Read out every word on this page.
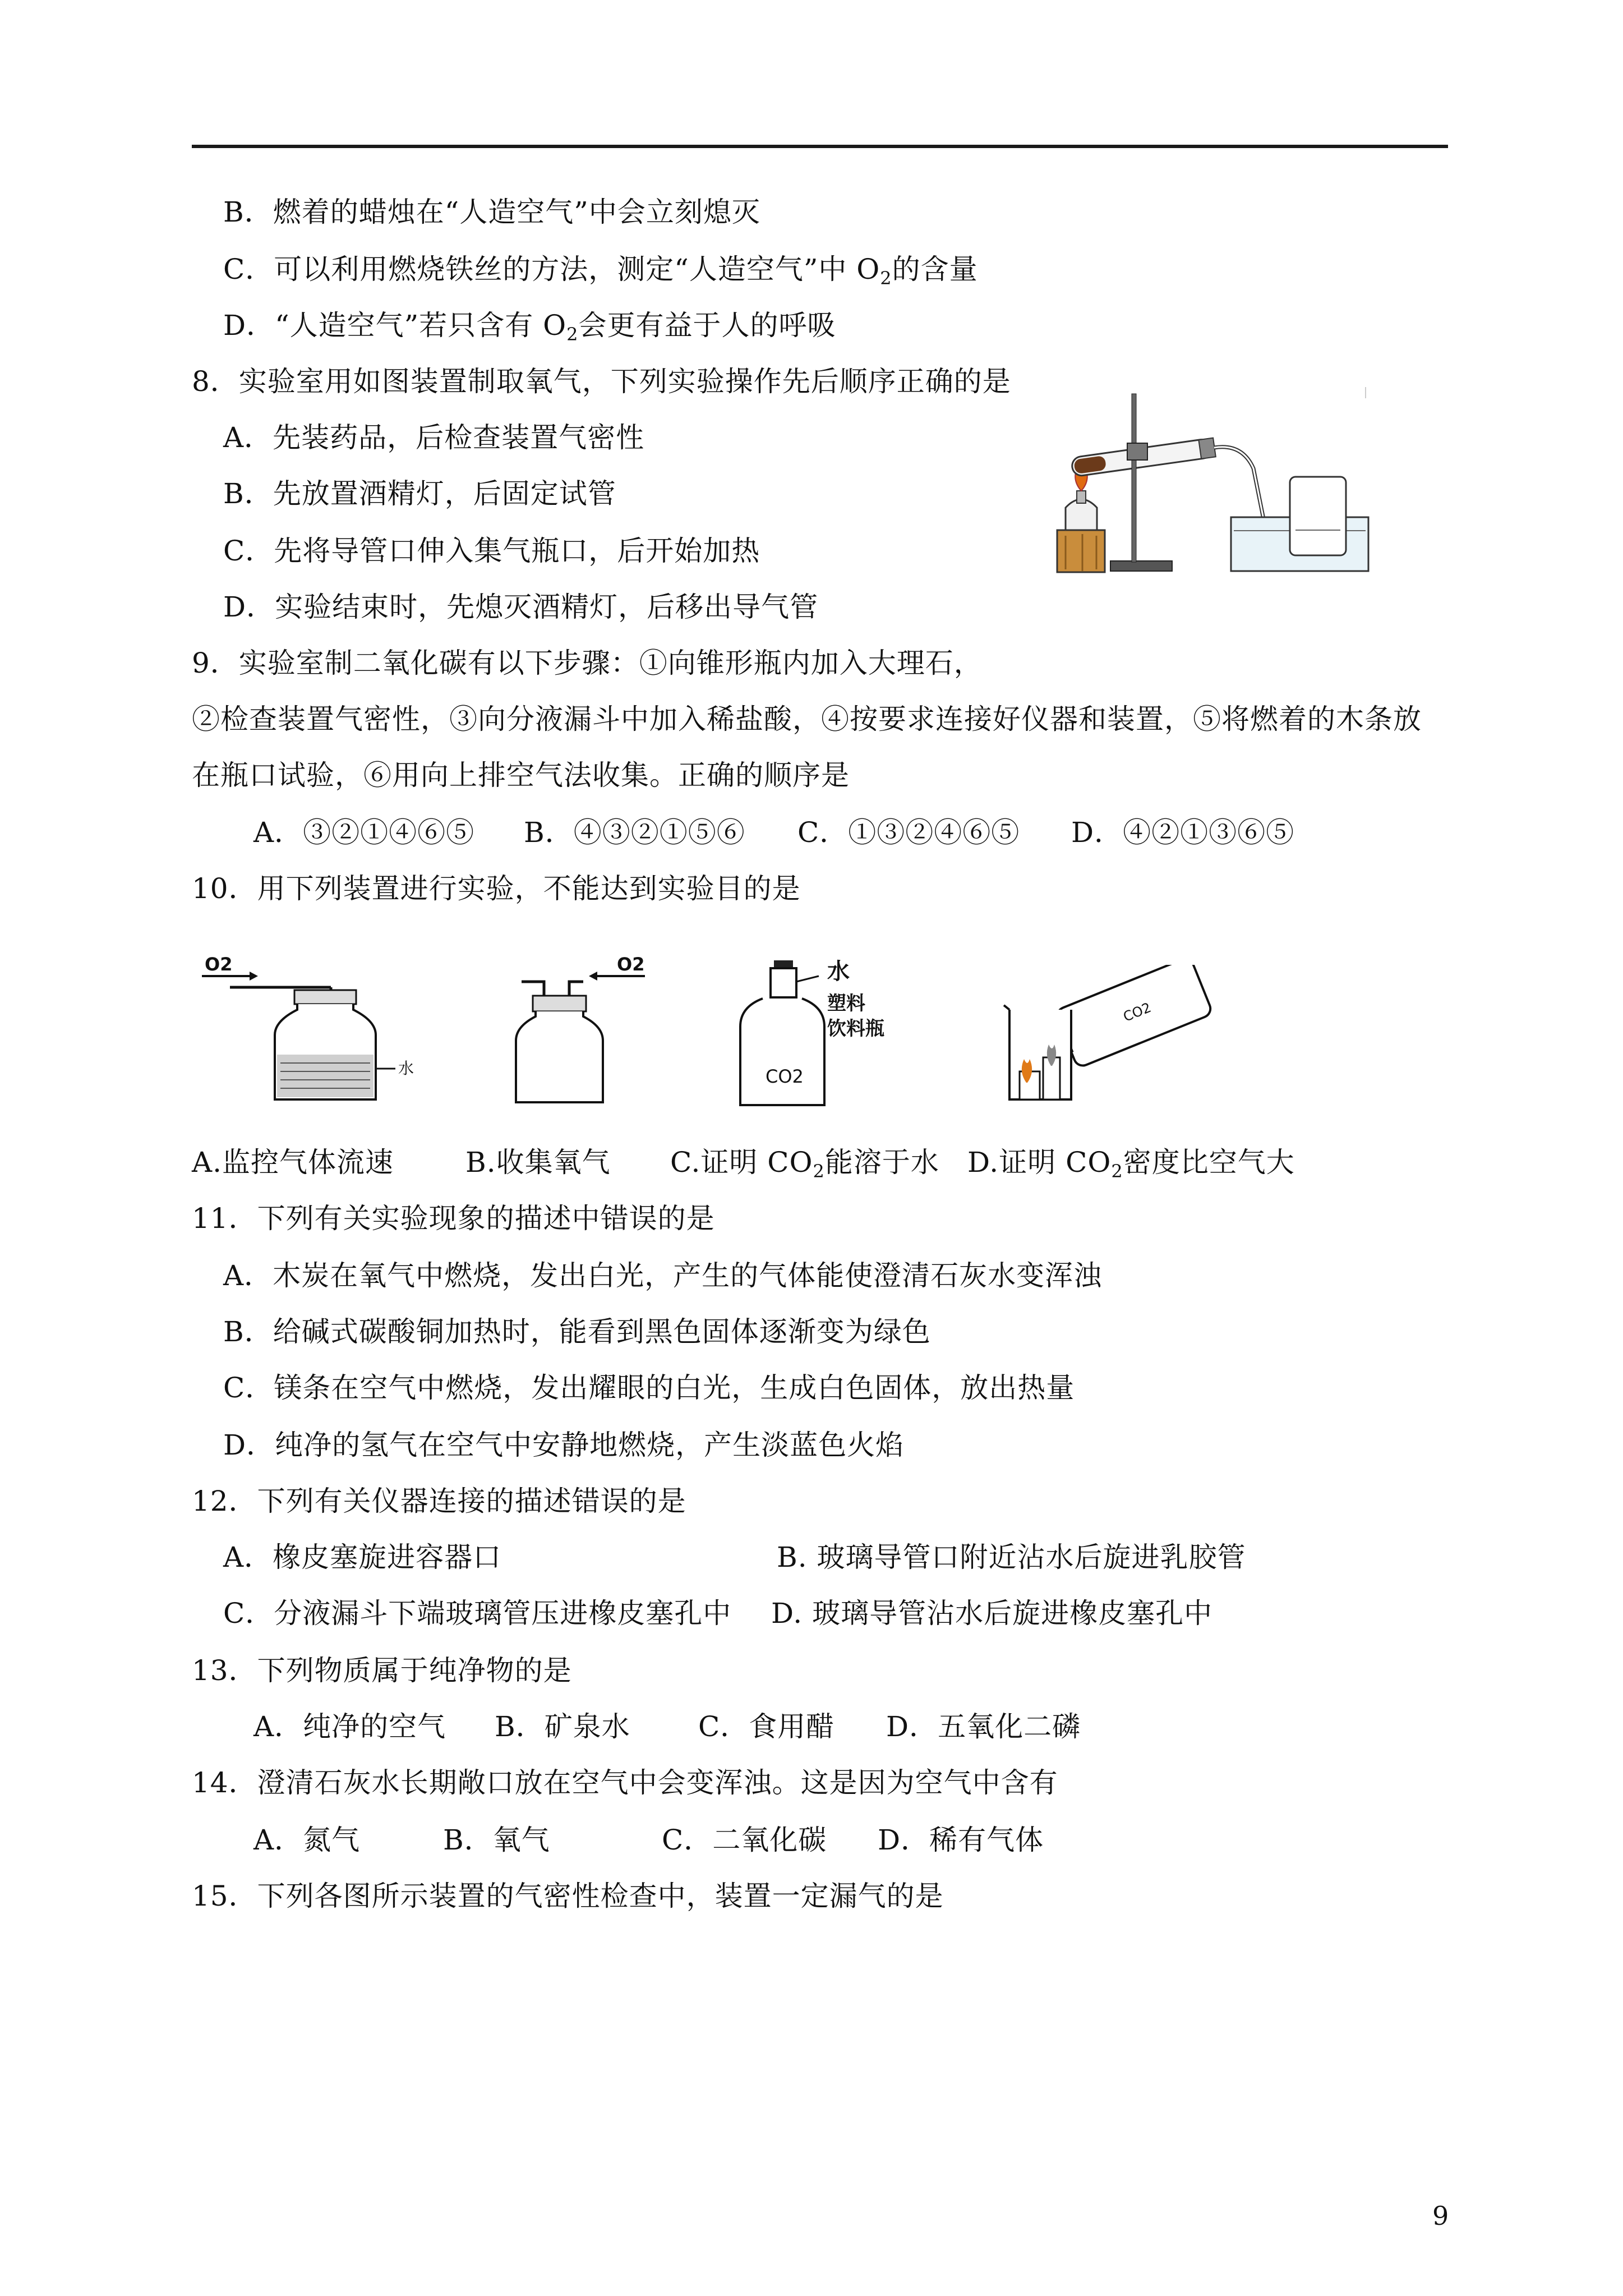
B．燃着的蜡烛在“人造空气”中会立刻熄灭
C．可以利用燃烧铁丝的方法，测定“人造空气”中 $O_2$的含量
D．“人造空气”若只含有 $O_2$会更有益于人的呼吸
8．实验室用如图装置制取氧气，下列实验操作先后顺序正确的是
A．先装药品，后检查装置气密性
B．先放置酒精灯，后固定试管
C．先将导管口伸入集气瓶口，后开始加热
D．实验结束时，先熄灭酒精灯，后移出导气管
9．实验室制二氧化碳有以下步骤：①向锥形瓶内加入大理石，
②检查装置气密性，③向分液漏斗中加入稀盐酸，④按要求连接好仪器和装置，⑤将燃着的木条放
在瓶口试验，⑥用向上排空气法收集。正确的顺序是
A．③②①④⑥⑤ B．④③②①⑤⑥ C．①③②④⑥⑤ D．④②①③⑥⑤
10．用下列装置进行实验，不能达到实验目的是
O2
水
O2
CO2
水
塑料
饮料瓶
CO2
A.监控气体流速	B.收集氧气 C.证明 $CO_2$能溶于水 D.证明 $CO_2$密度比空气大
11．下列有关实验现象的描述中错误的是
A．木炭在氧气中燃烧，发出白光，产生的气体能使澄清石灰水变浑浊
B．给碱式碳酸铜加热时，能看到黑色固体逐渐变为绿色
C．镁条在空气中燃烧，发出耀眼的白光，生成白色固体，放出热量
D．纯净的氢气在空气中安静地燃烧，产生淡蓝色火焰
12．下列有关仪器连接的描述错误的是
A．橡皮塞旋进容器口	B. 玻璃导管口附近沾水后旋进乳胶管
C．分液漏斗下端玻璃管压进橡皮塞孔中 D. 玻璃导管沾水后旋进橡皮塞孔中
13．下列物质属于纯净物的是
A．纯净的空气 B．矿泉水 C．食用醋 D．五氧化二磷
14．澄清石灰水长期敞口放在空气中会变浑浊。这是因为空气中含有
A．氮气	B．氧气	C．二氧化碳 D．稀有气体
15．下列各图所示装置的气密性检查中，装置一定漏气的是
9
